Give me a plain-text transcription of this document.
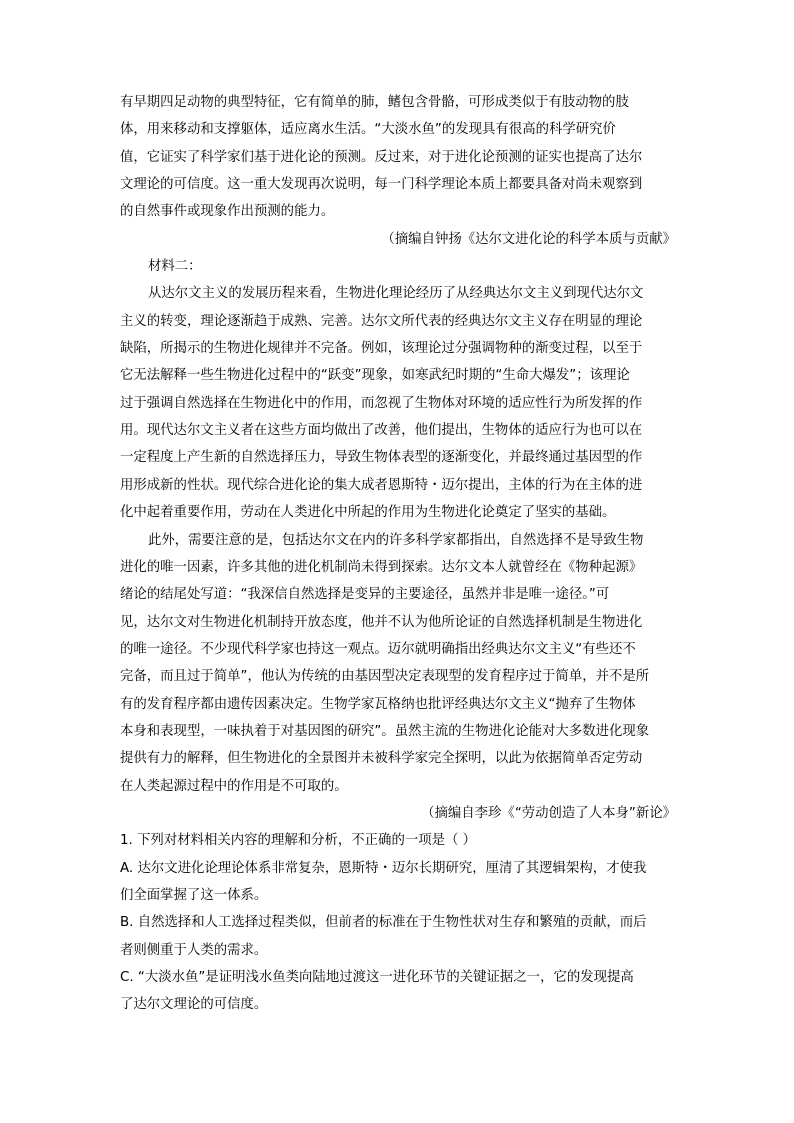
有早期四足动物的典型特征，它有简单的肺，鳍包含骨骼，可形成类似于有肢动物的肢
体，用来移动和支撑躯体，适应离水生活。“大淡水鱼”的发现具有很高的科学研究价
值，它证实了科学家们基于进化论的预测。反过来，对于进化论预测的证实也提高了达尔
文理论的可信度。这一重大发现再次说明，每一门科学理论本质上都要具备对尚未观察到
的自然事件或现象作出预测的能力。
（摘编自钟扬《达尔文进化论的科学本质与贡献》
材料二：
从达尔文主义的发展历程来看，生物进化理论经历了从经典达尔文主义到现代达尔文
主义的转变，理论逐渐趋于成熟、完善。达尔文所代表的经典达尔文主义存在明显的理论
缺陷，所揭示的生物进化规律并不完备。例如，该理论过分强调物种的渐变过程，以至于
它无法解释一些生物进化过程中的“跃变”现象，如寒武纪时期的“生命大爆发”；该理论
过于强调自然选择在生物进化中的作用，而忽视了生物体对环境的适应性行为所发挥的作
用。现代达尔文主义者在这些方面均做出了改善，他们提出，生物体的适应行为也可以在
一定程度上产生新的自然选择压力，导致生物体表型的逐渐变化，并最终通过基因型的作
用形成新的性状。现代综合进化论的集大成者恩斯特・迈尔提出，主体的行为在主体的进
化中起着重要作用，劳动在人类进化中所起的作用为生物进化论奠定了坚实的基础。
此外，需要注意的是，包括达尔文在内的许多科学家都指出，自然选择不是导致生物
进化的唯一因素，许多其他的进化机制尚未得到探索。达尔文本人就曾经在《物种起源》
绪论的结尾处写道：“我深信自然选择是变异的主要途径，虽然并非是唯一途径。”可
见，达尔文对生物进化机制持开放态度，他并不认为他所论证的自然选择机制是生物进化
的唯一途径。不少现代科学家也持这一观点。迈尔就明确指出经典达尔文主义“有些还不
完备，而且过于简单”，他认为传统的由基因型决定表现型的发育程序过于简单，并不是所
有的发育程序都由遗传因素决定。生物学家瓦格纳也批评经典达尔文主义“抛弃了生物体
本身和表现型，一味执着于对基因图的研究”。虽然主流的生物进化论能对大多数进化现象
提供有力的解释，但生物进化的全景图并未被科学家完全探明，以此为依据简单否定劳动
在人类起源过程中的作用是不可取的。
（摘编自李珍《“劳动创造了人本身”新论》
1. 下列对材料相关内容的理解和分析，不正确的一项是（ ）
A. 达尔文进化论理论体系非常复杂，恩斯特・迈尔长期研究，厘清了其逻辑架构，才使我
们全面掌握了这一体系。
B. 自然选择和人工选择过程类似，但前者的标准在于生物性状对生存和繁殖的贡献，而后
者则侧重于人类的需求。
C. “大淡水鱼”是证明浅水鱼类向陆地过渡这一进化环节的关键证据之一，它的发现提高
了达尔文理论的可信度。
